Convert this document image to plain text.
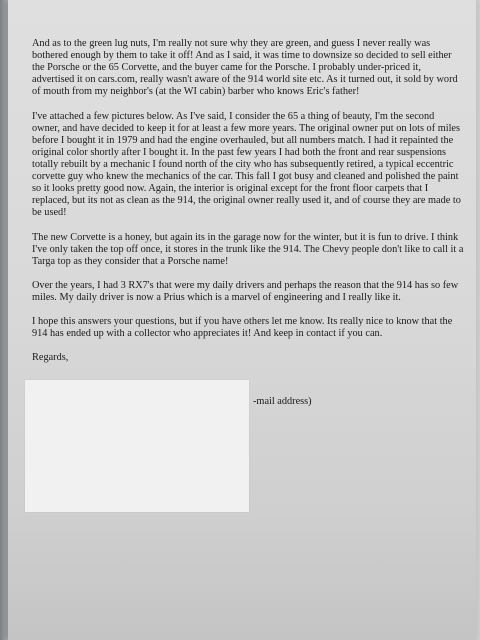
And as to the green lug nuts, I'm really not sure why they are green, and guess I never really was bothered enough by them to take it off! And as I said, it was time to downsize so decided to sell either the Porsche or the 65 Corvette, and the buyer came for the Porsche. I probably under-priced it, advertised it on cars.com, really wasn't aware of the 914 world site etc. As it turned out, it sold by word of mouth from my neighbor's (at the WI cabin) barber who knows Eric's father!

I've attached a few pictures below. As I've said, I consider the 65 a thing of beauty, I'm the second owner, and have decided to keep it for at least a few more years. The original owner put on lots of miles before I bought it in 1979 and had the engine overhauled, but all numbers match. I had it repainted the original color shortly after I bought it. In the past few years I had both the front and rear suspensions totally rebuilt by a mechanic I found north of the city who has subsequently retired, a typical eccentric corvette guy who knew the mechanics of the car. This fall I got busy and cleaned and polished the paint so it looks pretty good now. Again, the interior is original except for the front floor carpets that I replaced, but its not as clean as the 914, the original owner really used it, and of course they are made to be used!

The new Corvette is a honey, but again its in the garage now for the winter, but it is fun to drive. I think I've only taken the top off once, it stores in the trunk like the 914. The Chevy people don't like to call it a Targa top as they consider that a Porsche name!

Over the years, I had 3 RX7's that were my daily drivers and perhaps the reason that the 914 has so few miles. My daily driver is now a Prius which is a marvel of engineering and I really like it.

I hope this answers your questions, but if you have others let me know. Its really nice to know that the 914 has ended up with a collector who appreciates it! And keep in contact if you can.

Regards,

-mail address)
